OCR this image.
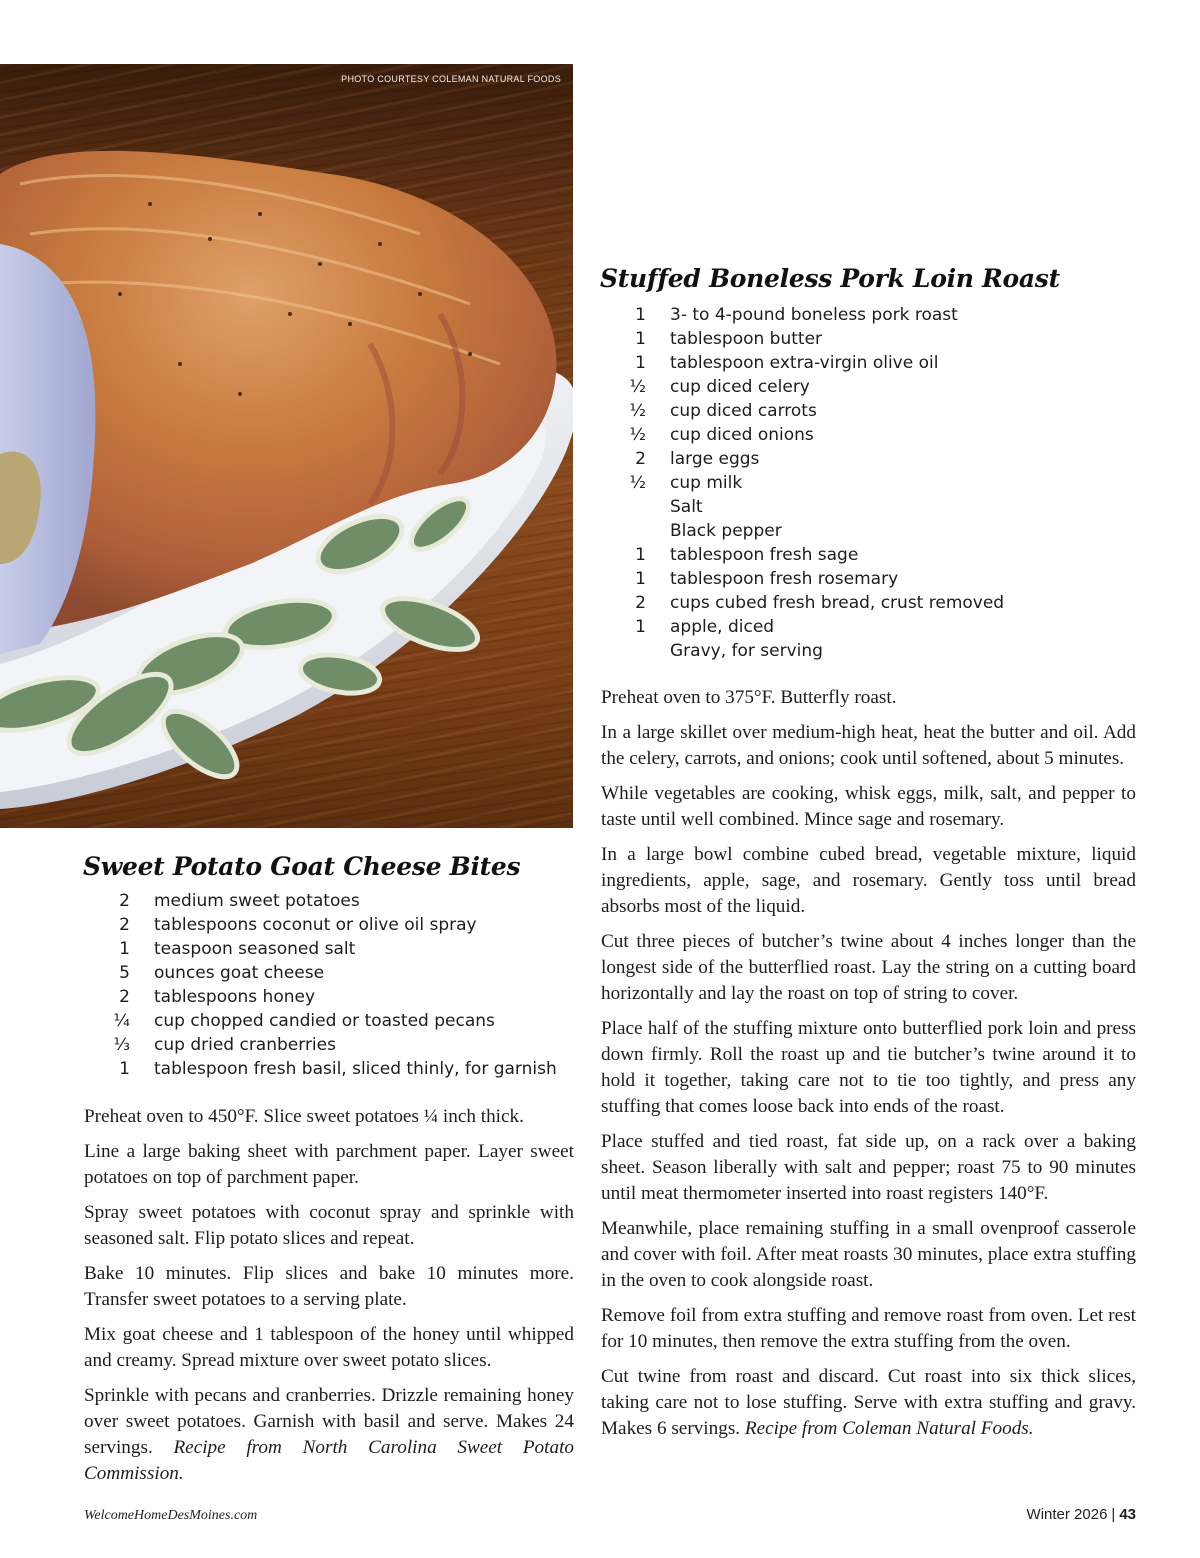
PHOTO COURTESY COLEMAN NATURAL FOODS
Stuffed Boneless Pork Loin Roast
1	3- to 4-pound boneless pork roast
1	tablespoon butter
1	tablespoon extra-virgin olive oil
½	cup diced celery
½	cup diced carrots
½	cup diced onions
2	large eggs
½	cup milk
Salt
Black pepper
1	tablespoon fresh sage
1	tablespoon fresh rosemary
2	cups cubed fresh bread, crust removed
1	apple, diced
Gravy, for serving

Preheat oven to 375°F. Butterfly roast.

In a large skillet over medium-high heat, heat the butter and oil. Add the celery, carrots, and onions; cook until softened, about 5 minutes.

While vegetables are cooking, whisk eggs, milk, salt, and pepper to taste until well combined. Mince sage and rosemary.

In a large bowl combine cubed bread, vegetable mixture, liquid ingredients, apple, sage, and rosemary. Gently toss until bread absorbs most of the liquid.

Cut three pieces of butcher’s twine about 4 inches longer than the longest side of the butterflied roast. Lay the string on a cutting board horizontally and lay the roast on top of string to cover.

Place half of the stuffing mixture onto butterflied pork loin and press down firmly. Roll the roast up and tie butcher’s twine around it to hold it together, taking care not to tie too tightly, and press any stuffing that comes loose back into ends of the roast.

Place stuffed and tied roast, fat side up, on a rack over a baking sheet. Season liberally with salt and pepper; roast 75 to 90 minutes until meat thermometer inserted into roast registers 140°F.

Meanwhile, place remaining stuffing in a small ovenproof casserole and cover with foil. After meat roasts 30 minutes, place extra stuffing in the oven to cook alongside roast.

Remove foil from extra stuffing and remove roast from oven. Let rest for 10 minutes, then remove the extra stuffing from the oven.

Cut twine from roast and discard. Cut roast into six thick slices, taking care not to lose stuffing. Serve with extra stuffing and gravy. Makes 6 servings. Recipe from Coleman Natural Foods.

Sweet Potato Goat Cheese Bites
2	medium sweet potatoes
2	tablespoons coconut or olive oil spray
1	teaspoon seasoned salt
5	ounces goat cheese
2	tablespoons honey
¼	cup chopped candied or toasted pecans
⅓	cup dried cranberries
1	tablespoon fresh basil, sliced thinly, for garnish

Preheat oven to 450°F. Slice sweet potatoes ¼ inch thick.

Line a large baking sheet with parchment paper. Layer sweet potatoes on top of parchment paper.

Spray sweet potatoes with coconut spray and sprinkle with seasoned salt. Flip potato slices and repeat.

Bake 10 minutes. Flip slices and bake 10 minutes more. Transfer sweet potatoes to a serving plate.

Mix goat cheese and 1 tablespoon of the honey until whipped and creamy. Spread mixture over sweet potato slices.

Sprinkle with pecans and cranberries. Drizzle remaining honey over sweet potatoes. Garnish with basil and serve. Makes 24 servings. Recipe from North Carolina Sweet Potato Commission.

WelcomeHomeDesMoines.com	Winter 2026 | 43
